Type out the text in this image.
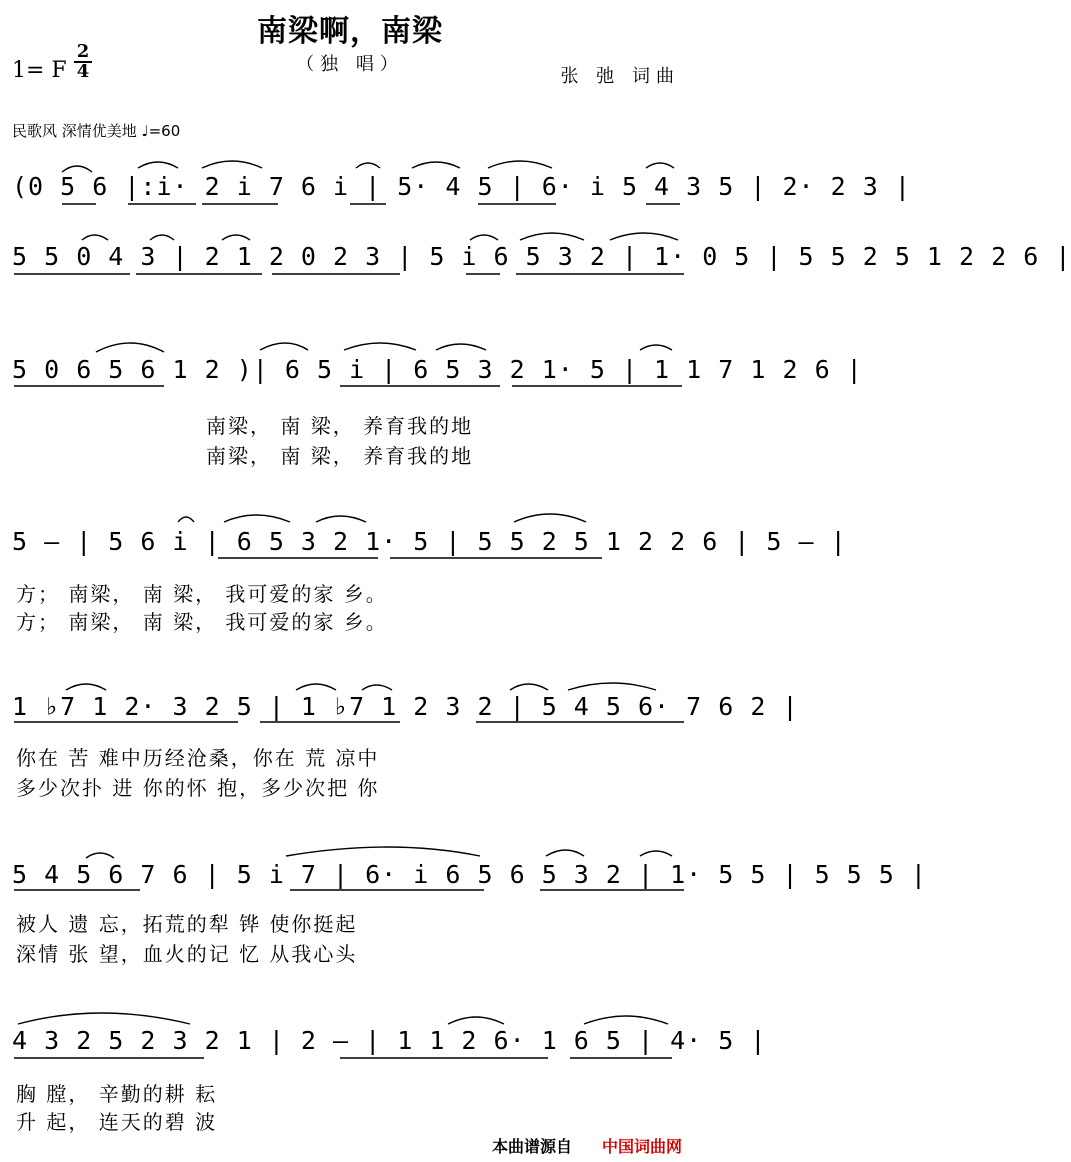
南梁啊，南梁
（独 唱）
1= F
2
4	张 弛 词曲
民歌风 深情优美地 ♩=60
(0 5 6 |:i· 2 i 7 6 i | 5· 4 5 | 6· i 5 4 3 5 | 2· 2 3 |
5 5 0 4 3 | 2 1 2 0 2 3 | 5 i 6 5 3 2 | 1· 0 5 | 5 5 2 5 1 2 2 6 |
5 0 6 5 6 1 2 )| 6 5 i | 6 5 3 2 1· 5 | 1 1 7 1 2 6 |
南梁， 南 梁， 养育我的地
南梁， 南 梁， 养育我的地
5 – | 5 6 i | 6 5 3 2 1· 5 | 5 5 2 5 1 2 2 6 | 5 – |
方； 南梁， 南 梁， 我可爱的家 乡。
方； 南梁， 南 梁， 我可爱的家 乡。
1 ♭7 1 2· 3 2 5 | 1 ♭7 1 2 3 2 | 5 4 5 6· 7 6 2 |
你在 苦 难中历经沧桑，你在 荒 凉中
多少次扑 进 你的怀 抱，多少次把 你
5 4 5 6 7 6 | 5 i 7 | 6· i 6 5 6 5 3 2 | 1· 5 5 | 5 5 5 |
被人 遗 忘，拓荒的犁 铧 使你挺起
深情 张 望，血火的记 忆 从我心头
4 3 2 5 2 3 2 1 | 2 – | 1 1 2 6· 1 6 5 | 4· 5 |
胸 膛， 辛勤的耕 耘
升 起， 连天的碧 波
本曲谱源自 中国词曲网
